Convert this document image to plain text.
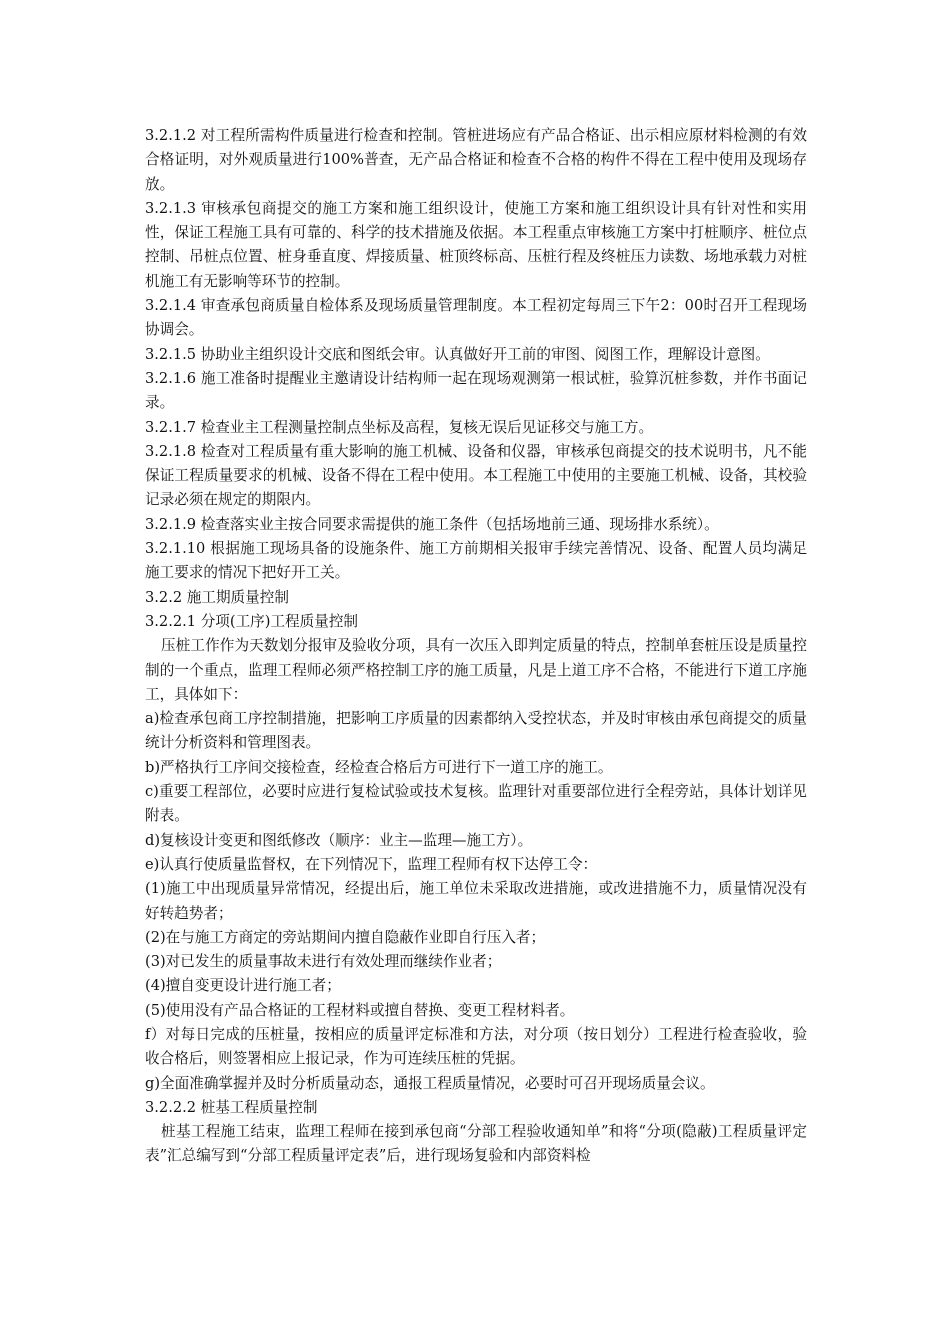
3.2.1.2 对工程所需构件质量进行检查和控制。管桩进场应有产品合格证、出示相应原材料检测的有效合格证明，对外观质量进行100%普查，无产品合格证和检查不合格的构件不得在工程中使用及现场存放。

3.2.1.3 审核承包商提交的施工方案和施工组织设计，使施工方案和施工组织设计具有针对性和实用性，保证工程施工具有可靠的、科学的技术措施及依据。本工程重点审核施工方案中打桩顺序、桩位点控制、吊桩点位置、桩身垂直度、焊接质量、桩顶终标高、压桩行程及终桩压力读数、场地承载力对桩机施工有无影响等环节的控制。

3.2.1.4 审查承包商质量自检体系及现场质量管理制度。本工程初定每周三下午2：00时召开工程现场协调会。

3.2.1.5 协助业主组织设计交底和图纸会审。认真做好开工前的审图、阅图工作，理解设计意图。

3.2.1.6 施工准备时提醒业主邀请设计结构师一起在现场观测第一根试桩，验算沉桩参数，并作书面记录。

3.2.1.7 检查业主工程测量控制点坐标及高程，复核无误后见证移交与施工方。

3.2.1.8 检查对工程质量有重大影响的施工机械、设备和仪器，审核承包商提交的技术说明书，凡不能保证工程质量要求的机械、设备不得在工程中使用。本工程施工中使用的主要施工机械、设备，其校验记录必须在规定的期限内。

3.2.1.9 检查落实业主按合同要求需提供的施工条件（包括场地前三通、现场排水系统）。

3.2.1.10 根据施工现场具备的设施条件、施工方前期相关报审手续完善情况、设备、配置人员均满足施工要求的情况下把好开工关。

3.2.2 施工期质量控制

3.2.2.1 分项(工序)工程质量控制

压桩工作作为天数划分报审及验收分项，具有一次压入即判定质量的特点，控制单套桩压设是质量控制的一个重点，监理工程师必须严格控制工序的施工质量，凡是上道工序不合格，不能进行下道工序施工，具体如下：

a)检查承包商工序控制措施，把影响工序质量的因素都纳入受控状态，并及时审核由承包商提交的质量统计分析资料和管理图表。

b)严格执行工序间交接检查，经检查合格后方可进行下一道工序的施工。

c)重要工程部位，必要时应进行复检试验或技术复核。监理针对重要部位进行全程旁站，具体计划详见附表。

d)复核设计变更和图纸修改（顺序：业主—监理—施工方）。

e)认真行使质量监督权，在下列情况下，监理工程师有权下达停工令：

(1)施工中出现质量异常情况，经提出后，施工单位未采取改进措施，或改进措施不力，质量情况没有好转趋势者；

(2)在与施工方商定的旁站期间内擅自隐蔽作业即自行压入者；

(3)对已发生的质量事故未进行有效处理而继续作业者；

(4)擅自变更设计进行施工者；

(5)使用没有产品合格证的工程材料或擅自替换、变更工程材料者。

f）对每日完成的压桩量，按相应的质量评定标准和方法，对分项（按日划分）工程进行检查验收，验收合格后，则签署相应上报记录，作为可连续压桩的凭据。

g)全面准确掌握并及时分析质量动态，通报工程质量情况，必要时可召开现场质量会议。

3.2.2.2 桩基工程质量控制

桩基工程施工结束，监理工程师在接到承包商“分部工程验收通知单”和将“分项(隐蔽)工程质量评定表”汇总编写到“分部工程质量评定表”后，进行现场复验和内部资料检
